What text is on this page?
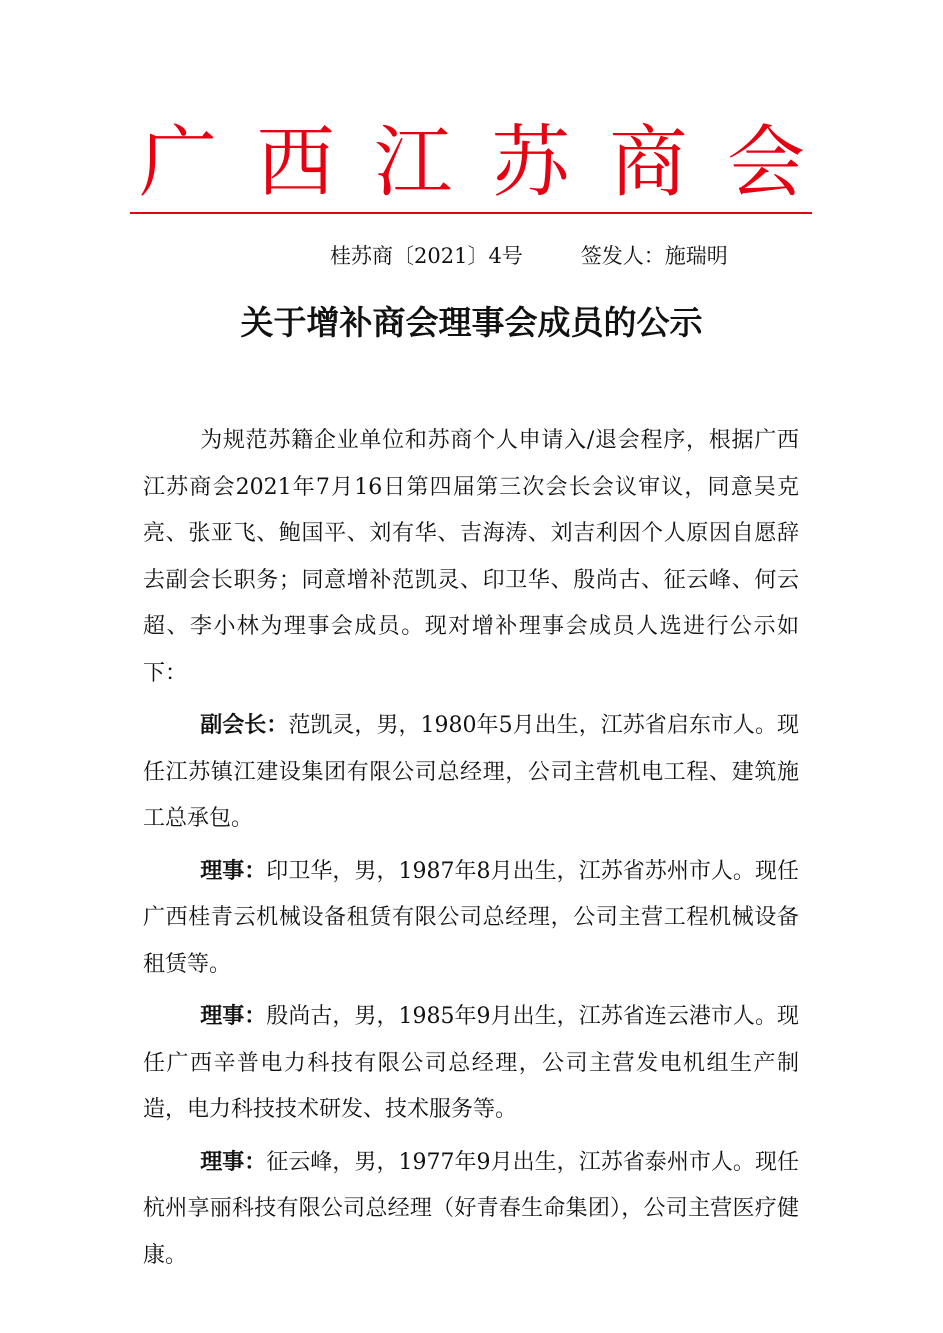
广 西 江 苏 商 会
桂苏商〔2021〕4号	签发人：施瑞明
关于增补商会理事会成员的公示

为规范苏籍企业单位和苏商个人申请入/退会程序，根据广西江苏商会2021年7月16日第四届第三次会长会议审议，同意吴克亮、张亚飞、鲍国平、刘有华、吉海涛、刘吉利因个人原因自愿辞去副会长职务；同意增补范凯灵、印卫华、殷尚古、征云峰、何云超、李小林为理事会成员。现对增补理事会成员人选进行公示如下：

副会长：范凯灵，男，1980年5月出生，江苏省启东市人。现任江苏镇江建设集团有限公司总经理，公司主营机电工程、建筑施工总承包。

理事：印卫华，男，1987年8月出生，江苏省苏州市人。现任广西桂青云机械设备租赁有限公司总经理，公司主营工程机械设备租赁等。

理事：殷尚古，男，1985年9月出生，江苏省连云港市人。现任广西辛普电力科技有限公司总经理，公司主营发电机组生产制造，电力科技技术研发、技术服务等。

理事：征云峰，男，1977年9月出生，江苏省泰州市人。现任杭州享丽科技有限公司总经理（好青春生命集团），公司主营医疗健康。
